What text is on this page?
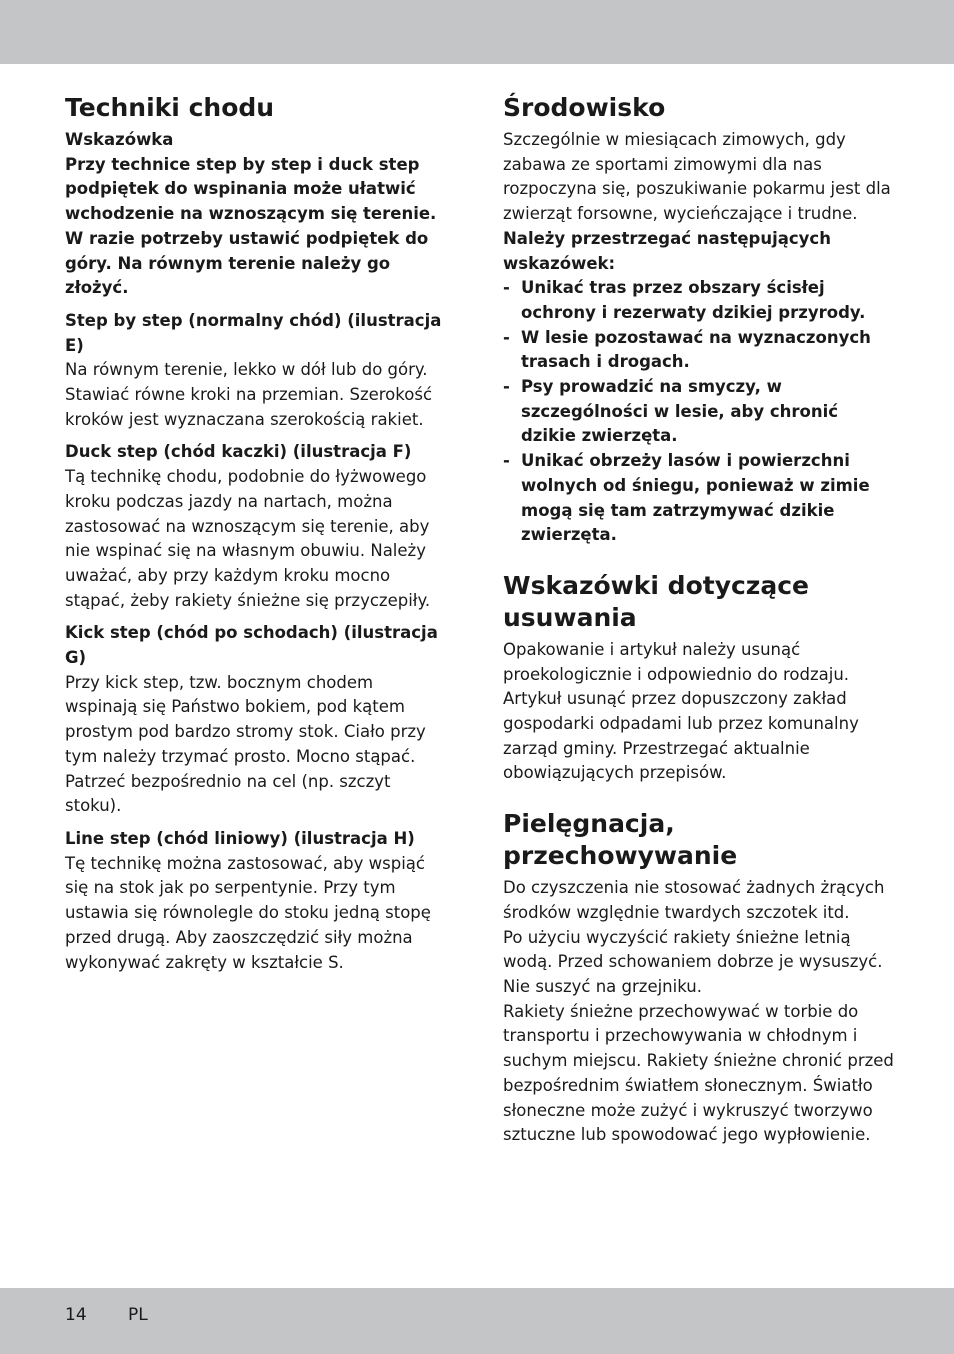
Techniki chodu

Wskazówka

Przy technice step by step i duck step podpiętek do wspinania może ułatwić wchodzenie na wznoszącym się terenie. W razie potrzeby ustawić podpiętek do góry. Na równym terenie należy go złożyć.

Step by step (normalny chód) (ilustracja E)

Na równym terenie, lekko w dół lub do góry. Stawiać równe kroki na przemian. Szerokość kroków jest wyznaczana szerokością rakiet.

Duck step (chód kaczki) (ilustracja F)

Tą technikę chodu, podobnie do łyżwowego kroku podczas jazdy na nartach, można zastosować na wznoszącym się terenie, aby nie wspinać się na własnym obuwiu. Należy uważać, aby przy każdym kroku mocno stąpać, żeby rakiety śnieżne się przyczepiły.

Kick step (chód po schodach) (ilustracja G)

Przy kick step, tzw. bocznym chodem wspinają się Państwo bokiem, pod kątem prostym pod bardzo stromy stok. Ciało przy tym należy trzymać prosto. Mocno stąpać. Patrzeć bezpośrednio na cel (np. szczyt stoku).

Line step (chód liniowy) (ilustracja H)

Tę technikę można zastosować, aby wspiąć się na stok jak po serpentynie. Przy tym ustawia się równolegle do stoku jedną stopę przed drugą. Aby zaoszczędzić siły można wykonywać zakręty w kształcie S.

Środowisko

Szczególnie w miesiącach zimowych, gdy zabawa ze sportami zimowymi dla nas rozpoczyna się, poszukiwanie pokarmu jest dla zwierząt forsowne, wycieńczające i trudne.

Należy przestrzegać następujących wskazówek:

- Unikać tras przez obszary ścisłej ochrony i rezerwaty dzikiej przyrody.
- W lesie pozostawać na wyznaczonych trasach i drogach.
- Psy prowadzić na smyczy, w szczególności w lesie, aby chronić dzikie zwierzęta.
- Unikać obrzeży lasów i powierzchni wolnych od śniegu, ponieważ w zimie mogą się tam zatrzymywać dzikie zwierzęta.
Wskazówki dotyczące usuwania

Opakowanie i artykuł należy usunąć proekologicznie i odpowiednio do rodzaju.

Artykuł usunąć przez dopuszczony zakład gospodarki odpadami lub przez komunalny zarząd gminy. Przestrzegać aktualnie obowiązujących przepisów.

Pielęgnacja, przechowywanie

Do czyszczenia nie stosować żadnych żrących środków względnie twardych szczotek itd.

Po użyciu wyczyścić rakiety śnieżne letnią wodą. Przed schowaniem dobrze je wysuszyć. Nie suszyć na grzejniku.

Rakiety śnieżne przechowywać w torbie do transportu i przechowywania w chłodnym i suchym miejscu. Rakiety śnieżne chronić przed bezpośrednim światłem słonecznym. Światło słoneczne może zużyć i wykruszyć tworzywo sztuczne lub spowodować jego wypłowienie.

14 PL
